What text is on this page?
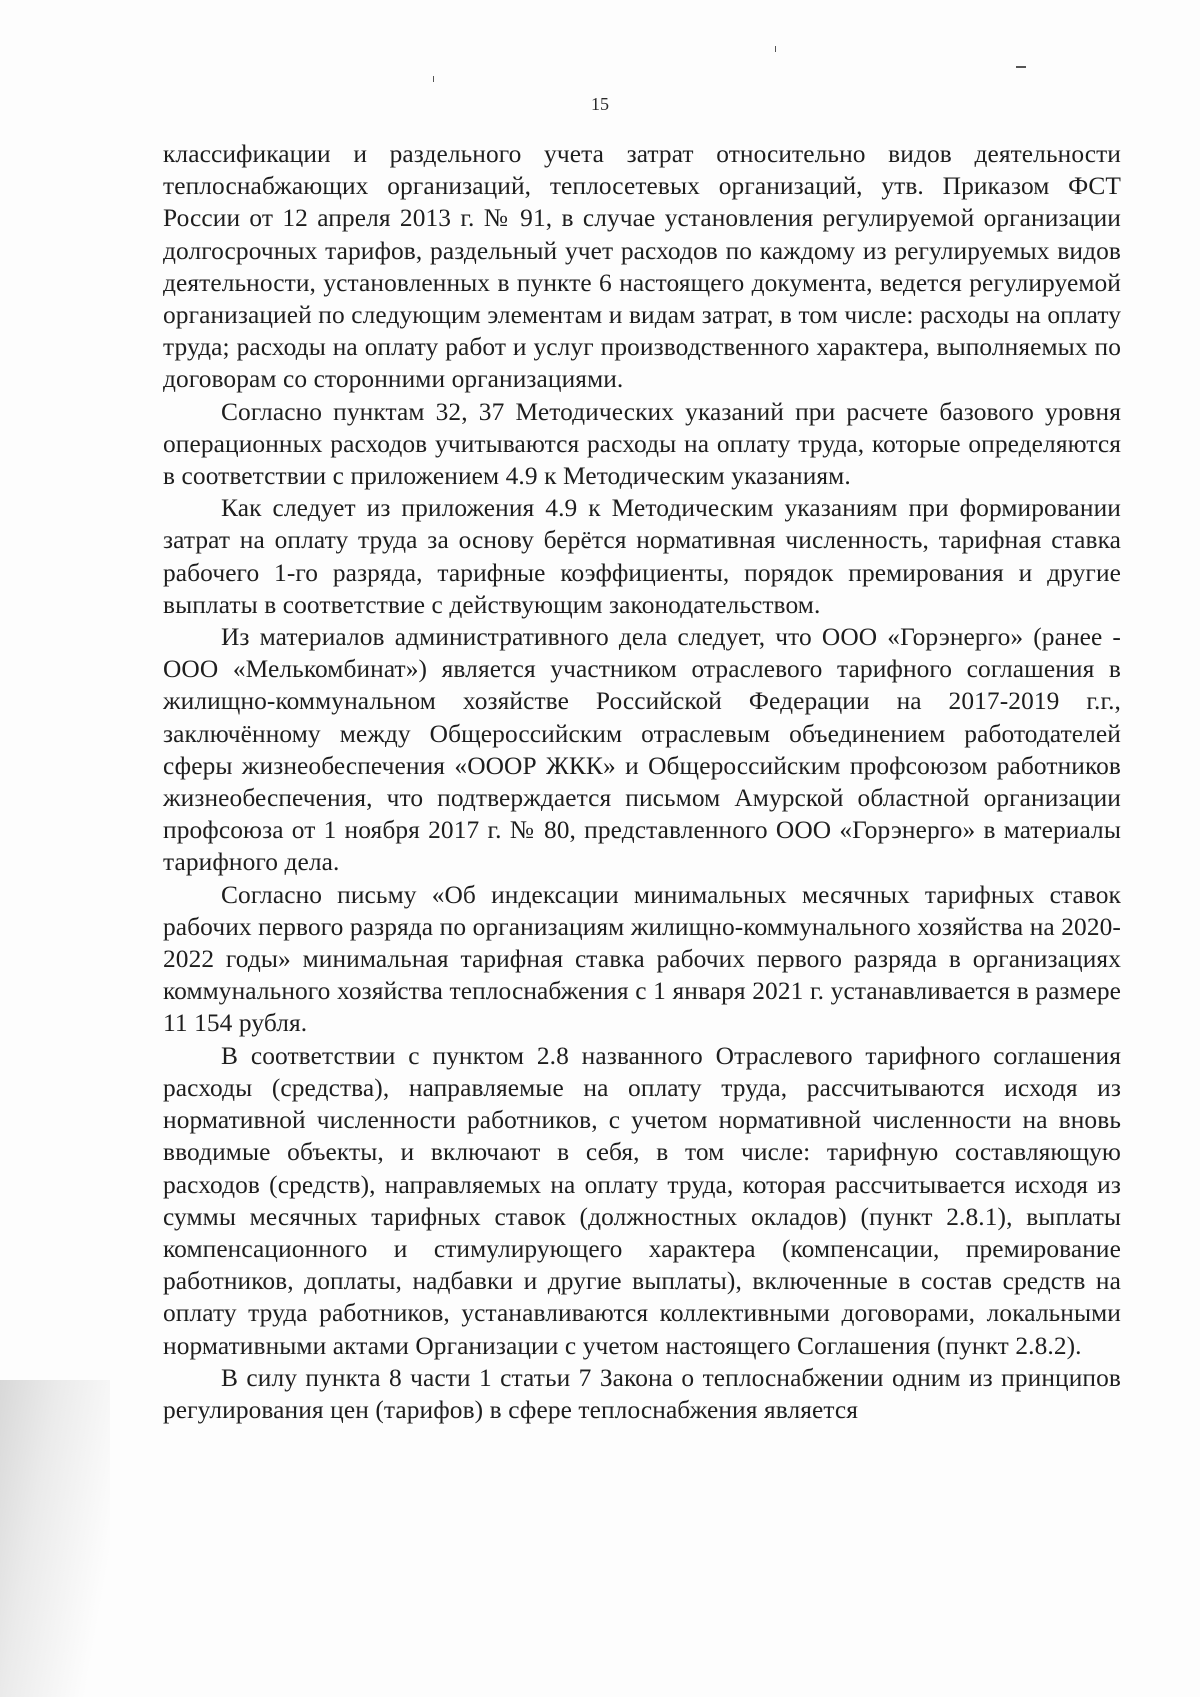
15

классификации и раздельного учета затрат относительно видов деятельности теплоснабжающих организаций, теплосетевых организаций, утв. Приказом ФСТ России от 12 апреля 2013 г. № 91, в случае установления регулируемой организации долгосрочных тарифов, раздельный учет расходов по каждому из регулируемых видов деятельности, установленных в пункте 6 настоящего документа, ведется регулируемой организацией по следующим элементам и видам затрат, в том числе: расходы на оплату труда; расходы на оплату работ и услуг производственного характера, выполняемых по договорам со сторонними организациями.

Согласно пунктам 32, 37 Методических указаний при расчете базового уровня операционных расходов учитываются расходы на оплату труда, которые определяются в соответствии с приложением 4.9 к Методическим указаниям.

Как следует из приложения 4.9 к Методическим указаниям при формировании затрат на оплату труда за основу берётся нормативная численность, тарифная ставка рабочего 1-го разряда, тарифные коэффициенты, порядок премирования и другие выплаты в соответствие с действующим законодательством.

Из материалов административного дела следует, что ООО «Горэнерго» (ранее - ООО «Мелькомбинат») является участником отраслевого тарифного соглашения в жилищно-коммунальном хозяйстве Российской Федерации на 2017-2019 г.г., заключённому между Общероссийским отраслевым объединением работодателей сферы жизнеобеспечения «ОООР ЖКК» и Общероссийским профсоюзом работников жизнеобеспечения, что подтверждается письмом Амурской областной организации профсоюза от 1 ноября 2017 г. № 80, представленного ООО «Горэнерго» в материалы тарифного дела.

Согласно письму «Об индексации минимальных месячных тарифных ставок рабочих первого разряда по организациям жилищно-коммунального хозяйства на 2020-2022 годы» минимальная тарифная ставка рабочих первого разряда в организациях коммунального хозяйства теплоснабжения с 1 января 2021 г. устанавливается в размере 11 154 рубля.

В соответствии с пунктом 2.8 названного Отраслевого тарифного соглашения расходы (средства), направляемые на оплату труда, рассчитываются исходя из нормативной численности работников, с учетом нормативной численности на вновь вводимые объекты, и включают в себя, в том числе: тарифную составляющую расходов (средств), направляемых на оплату труда, которая рассчитывается исходя из суммы месячных тарифных ставок (должностных окладов) (пункт 2.8.1), выплаты компенсационного и стимулирующего характера (компенсации, премирование работников, доплаты, надбавки и другие выплаты), включенные в состав средств на оплату труда работников, устанавливаются коллективными договорами, локальными нормативными актами Организации с учетом настоящего Соглашения (пункт 2.8.2).

В силу пункта 8 части 1 статьи 7 Закона о теплоснабжении одним из принципов регулирования цен (тарифов) в сфере теплоснабжения является
